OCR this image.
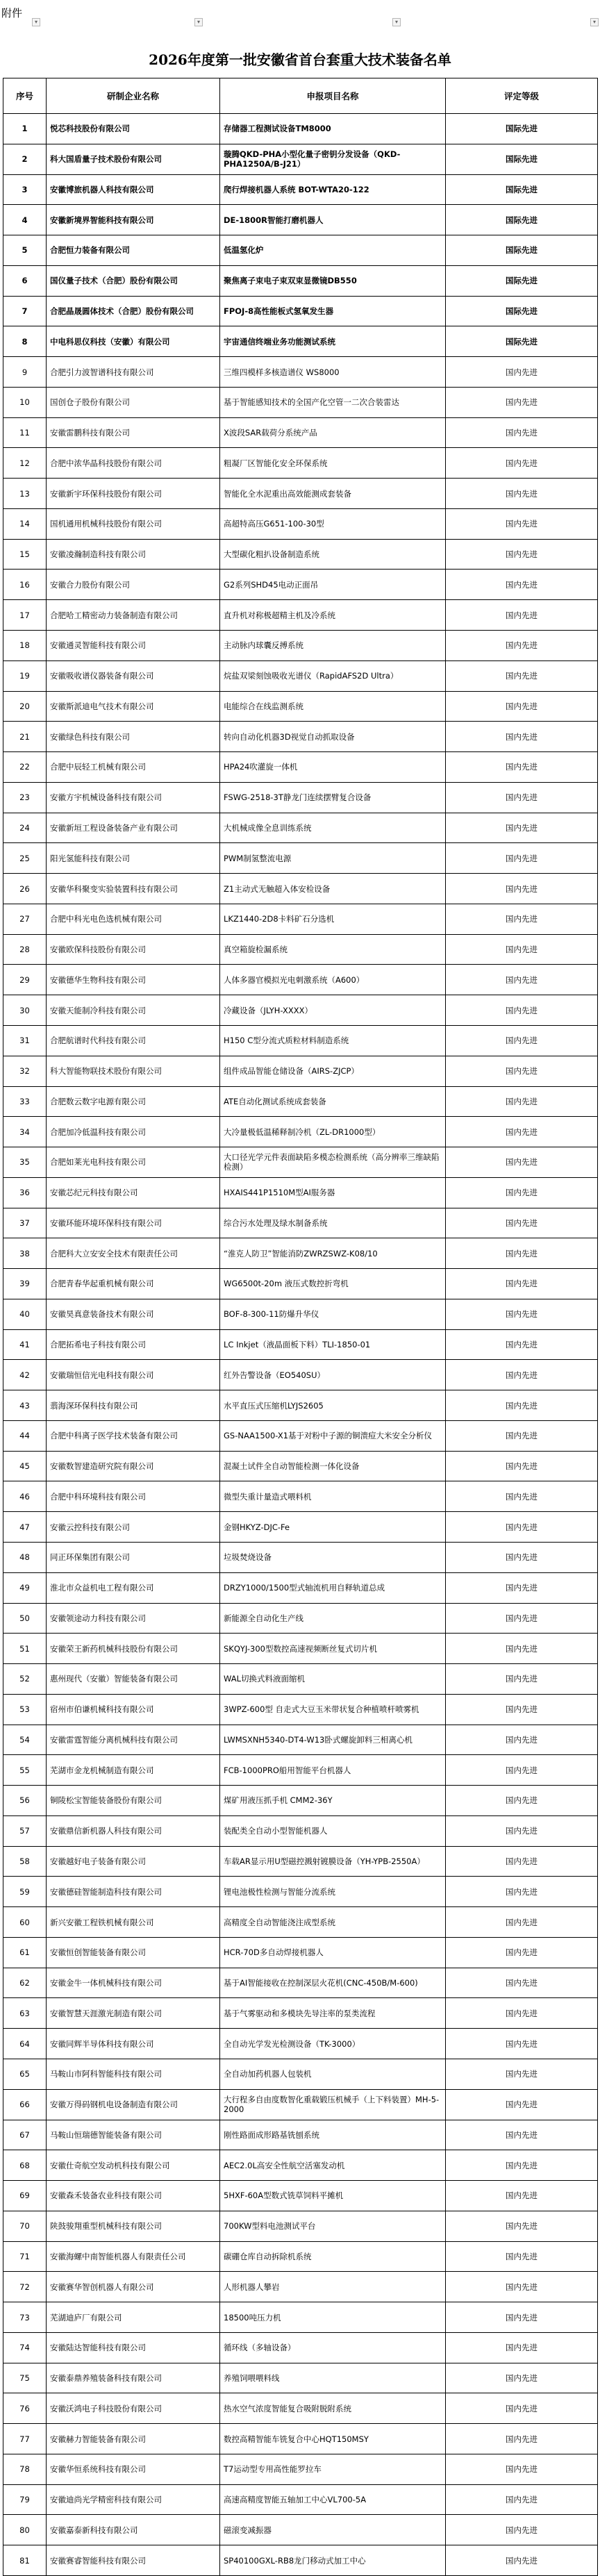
附件
▾	▾	▾	▾
2026年度第一批安徽省首台套重大技术装备名单
序号	研制企业名称	申报项目名称	评定等级
1	悦芯科技股份有限公司	存储器工程测试设备TM8000	国际先进
2	科大国盾量子技术股份有限公司	璇腾QKD-PHA小型化量子密钥分发设备（QKD-PHA1250A/B-J21）	国际先进
3	安徽博旅机器人科技有限公司	爬行焊接机器人系统 BOT-WTA20-122	国际先进
4	安徽新境界智能科技有限公司	DE-1800R智能打磨机器人	国际先进
5	合肥恒力装备有限公司	低温氢化炉	国际先进
6	国仪量子技术（合肥）股份有限公司	聚焦离子束电子束双束显微镜DB550	国际先进
7	合肥晶晟圆体技术（合肥）股份有限公司	FPOJ-8高性能板式氢氧发生器	国际先进
8	中电科思仪科技（安徽）有限公司	宇宙通信终端业务功能测试系统	国际先进
9	合肥引力波智谱科技有限公司	三维四模样多核造谱仪 WS8000	国内先进
10	国创仓子股份有限公司	基于智能感知技术的全国产化空管一二次合装雷达	国内先进
11	安徽雷鹏科技有限公司	X波段SAR载荷分系统产品	国内先进
12	合肥中浓华晶科技股份有限公司	粗凝厂区智能化安全环保系统	国内先进
13	安徽新宇环保科技股份有限公司	智能化全水泥重出高效能测成套装备	国内先进
14	国机通用机械科技股份有限公司	高超特高压G651-100-30型	国内先进
15	安徽凌瀚制造科技有限公司	大型碳化粗扒设备制造系统	国内先进
16	安徽合力股份有限公司	G2系列SHD45电动正面吊	国内先进
17	合肥哈工精密动力装备制造有限公司	直升机对称极超精主机及冷系统	国内先进
18	安徽通灵智能科技有限公司	主动脉内球囊反搏系统	国内先进
19	安徽吸收谱仪器装备有限公司	烷盐双梁刻蚀吸收光谱仪（RapidAFS2D Ultra）	国内先进
20	安徽斯派迪电气技术有限公司	电能综合在线监测系统	国内先进
21	安徽绿色科技有限公司	转向自动化机器3D视觉自动抓取设备	国内先进
22	合肥中辰轻工机械有限公司	HPA24吹灌旋一体机	国内先进
23	安徽方宇机械设备科技有限公司	FSWG-2518-3T静龙门连续摆臂复合设备	国内先进
24	安徽新垣工程设备装备产业有限公司	大机械成像全息训练系统	国内先进
25	阳光氢能科技有限公司	PWM制氢整流电源	国内先进
26	安徽华科聚变实验装置科技有限公司	Z1主动式无触超入体安检设备	国内先进
27	合肥中科光电色选机械有限公司	LKZ1440-2D8卡料矿石分选机	国内先进
28	安徽欧保科技股份有限公司	真空箱旋检漏系统	国内先进
29	安徽德华生物科技有限公司	人体多器官模拟光电刺激系统（A600）	国内先进
30	安徽天能制冷科技有限公司	冷藏设备（JLYH-XXXX）	国内先进
31	合肥航谱时代科技有限公司	H150 C型分流式质粒材料制造系统	国内先进
32	科大智能物联技术股份有限公司	组件成品智能仓储设备（AIRS-ZJCP）	国内先进
33	合肥数云数字电源有限公司	ATE自动化测试系统成套装备	国内先进
34	合肥加冷低温科技有限公司	大冷量极低温稀释制冷机（ZL-DR1000型）	国内先进
35	合肥如莱光电科技有限公司	大口径光学元件表面缺陷多模态检测系统（高分辨率三维缺陷检测）	国内先进
36	安徽芯纪元科技有限公司	HXAIS441P1510M型AI服务器	国内先进
37	安徽环能环境环保科技有限公司	综合污水处理及绿水制备系统	国内先进
38	合肥科大立安安全技术有限责任公司	“淮克人防卫”智能消防ZWRZSWZ-K08/10	国内先进
39	合肥青春华起重机械有限公司	WG6500t-20m 液压式数控折弯机	国内先进
40	安徽昊真意装备技术有限公司	BOF-8-300-11防爆升华仪	国内先进
41	合肥拓希电子科技有限公司	LC Inkjet（液晶面板下料）TLI-1850-01	国内先进
42	安徽瑞恒信光电科技有限公司	红外告警设备（EO540SU）	国内先进
43	翡海深环保科技有限公司	水平直压式压缩机LYJS2605	国内先进
44	合肥中科离子医学技术装备有限公司	GS-NAA1500-X1基于对粉中子源的铜溃痘大米安全分析仪	国内先进
45	安徽数智建造研究院有限公司	混凝土试件全自动智能检测一体化设备	国内先进
46	合肥中科环境科技有限公司	微型失重计量造式喂料机	国内先进
47	安徽云控科技有限公司	金钢HKYZ-DJC-Fe	国内先进
48	同正环保集团有限公司	垃圾焚烧设备	国内先进
49	淮北市众益机电工程有限公司	DRZY1000/1500型式轴流机用自释轨道总成	国内先进
50	安徽领途动力科技有限公司	新能源全自动化生产线	国内先进
51	安徽荣王新药机械科技股份有限公司	SKQYJ-300型数控高速视频断丝复式切片机	国内先进
52	惠州现代（安徽）智能装备有限公司	WAL切换式料液面缩机	国内先进
53	宿州市伯谦机械科技有限公司	3WPZ-600型 自走式大豆玉米带状复合种植喷杆喷雾机	国内先进
54	安徽雷霆智能分离机械科技有限公司	LWMSXNH5340-DT4-W13卧式螺旋卸料三相离心机	国内先进
55	芜湖市金龙机械制造有限公司	FCB-1000PRO船用智能平台机器人	国内先进
56	铜陵松宝智能装备股份有限公司	煤矿用液压抓手机 CMM2-36Y	国内先进
57	安徽鼎信新机器人科技有限公司	装配类全自动小型智能机器人	国内先进
58	安徽越好电子装备有限公司	车载AR显示用U型磁控溅射镀膜设备（YH-YPB-2550A）	国内先进
59	安徽德硅智能制造科技有限公司	锂电池极性检测与智能分流系统	国内先进
60	新兴安徽工程铁机械有限公司	高精度全自动智能浇注成型系统	国内先进
61	安徽恒创智能装备有限公司	HCR-70D多自动焊接机器人	国内先进
62	安徽金牛一体机械科技有限公司	基于AI智能接收在控制深层火花机(CNC-450B/M-600)	国内先进
63	安徽智慧天涯激光制造有限公司	基于气雾驱动和多模块先导注率的泵类流程	国内先进
64	安徽同辉半导体科技有限公司	全自动光学发光检测设备（TK-3000）	国内先进
65	马鞍山市阿科智能科技有限公司	全自动加药机器人包装机	国内先进
66	安徽万得码钢机电设备制造有限公司	大行程多自由度数智化重载锻压机械手（上下料装置）MH-5-2000	国内先进
67	马鞍山恒瑞德智能装备有限公司	刚性路面成形路基铣刨系统	国内先进
68	安徽仕奇航空发动机科技有限公司	AEC2.0L高安全性航空活塞发动机	国内先进
69	安徽森禾装备农业科技有限公司	5HXF-60A型数式铣草饲料平摊机	国内先进
70	陕鼓骏翔重型机械科技有限公司	700KW型料电池测试平台	国内先进
71	安徽海螺中南智能机器人有限责任公司	碳硼仓库自动拆除机系统	国内先进
72	安徽赛华智创机器人有限公司	人形机器人攀岩	国内先进
73	芜湖迪庐厂有限公司	18500吨压力机	国内先进
74	安徽陆达智能科技有限公司	循环线（多轴设备）	国内先进
75	安徽泰鼎养殖装备科技有限公司	养殖饲喂喂料线	国内先进
76	安徽沃鸿电子科技股份有限公司	热水空气浓度智能复合吸附脱附系统	国内先进
77	安徽赫力智能装备有限公司	数控高精智能车铣复合中心HQT150MSY	国内先进
78	安徽华恒系统科技有限公司	T7运动型专用高性能罗拉车	国内先进
79	安徽迪尚光学精密科技有限公司	高速高精度智能五轴加工中心VL700-5A	国内先进
80	安徽嘉泰新科技有限公司	磁滚变减振器	国内先进
81	安徽赛睿智能科技有限公司	SP40100GXL-RB8龙门移动式加工中心	国内先进
